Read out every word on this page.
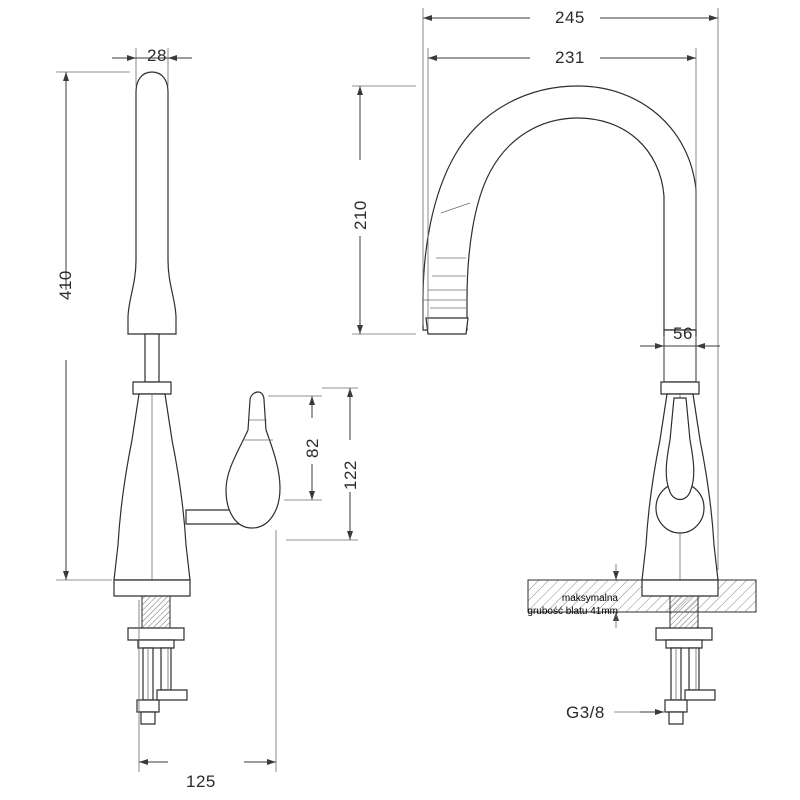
28
410
82
122
125
245
231
210
56
G3/8
maksymalna
grubość blatu 41mm
